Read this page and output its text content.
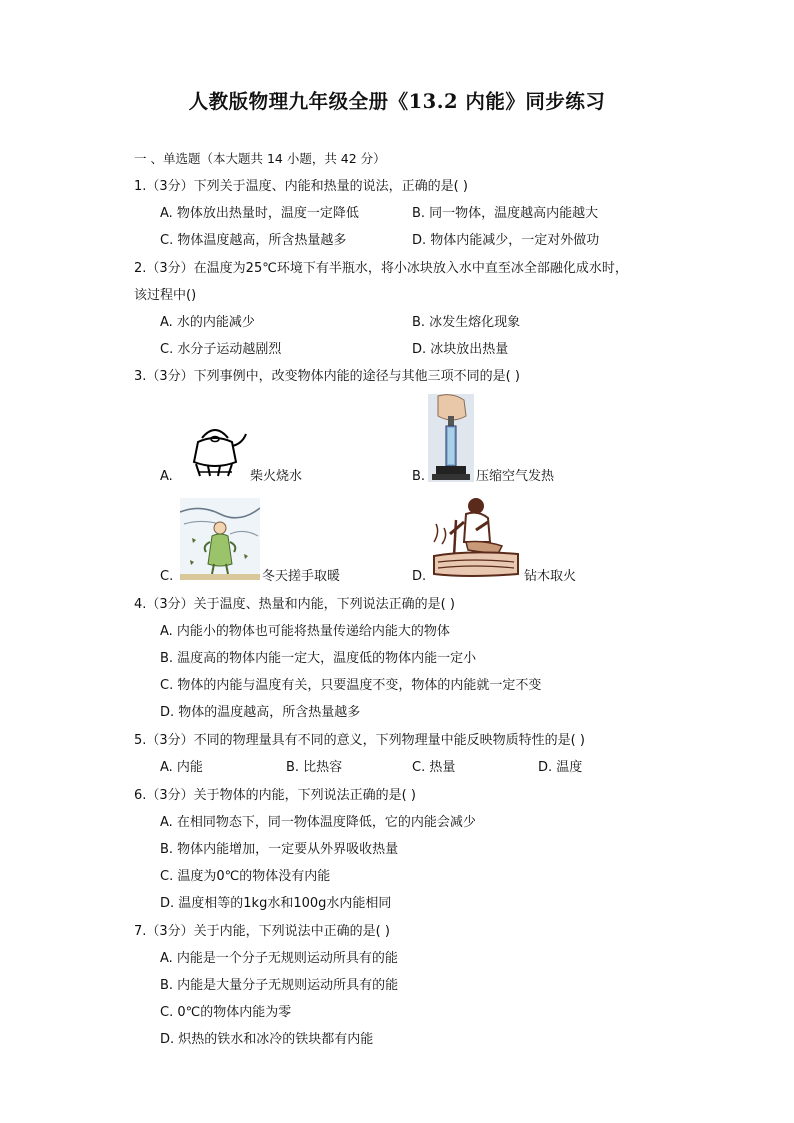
人教版物理九年级全册《13.2 内能》同步练习
一 、单选题（本大题共 14 小题，共 42 分）
1.（3分）下列关于温度、内能和热量的说法，正确的是( )
A. 物体放出热量时，温度一定降低	B. 同一物体，温度越高内能越大
C. 物体温度越高，所含热量越多	D. 物体内能减少，一定对外做功
2.（3分）在温度为25℃环境下有半瓶水，将小冰块放入水中直至冰全部融化成水时，
该过程中()
A. 水的内能减少	B. 冰发生熔化现象
C. 水分子运动越剧烈	D. 冰块放出热量
3.（3分）下列事例中，改变物体内能的途径与其他三项不同的是( )
A.	柴火烧水	B.	压缩空气发热
C.	冬天搓手取暖	D.	钻木取火
4.（3分）关于温度、热量和内能，下列说法正确的是( )
A. 内能小的物体也可能将热量传递给内能大的物体
B. 温度高的物体内能一定大，温度低的物体内能一定小
C. 物体的内能与温度有关，只要温度不变，物体的内能就一定不变
D. 物体的温度越高，所含热量越多
5.（3分）不同的物理量具有不同的意义，下列物理量中能反映物质特性的是( )
A. 内能	B. 比热容	C. 热量	D. 温度
6.（3分）关于物体的内能，下列说法正确的是( )
A. 在相同物态下，同一物体温度降低，它的内能会减少
B. 物体内能增加，一定要从外界吸收热量
C. 温度为0℃的物体没有内能
D. 温度相等的1kg水和100g水内能相同
7.（3分）关于内能，下列说法中正确的是( )
A. 内能是一个分子无规则运动所具有的能
B. 内能是大量分子无规则运动所具有的能
C. 0℃的物体内能为零
D. 炽热的铁水和冰冷的铁块都有内能
